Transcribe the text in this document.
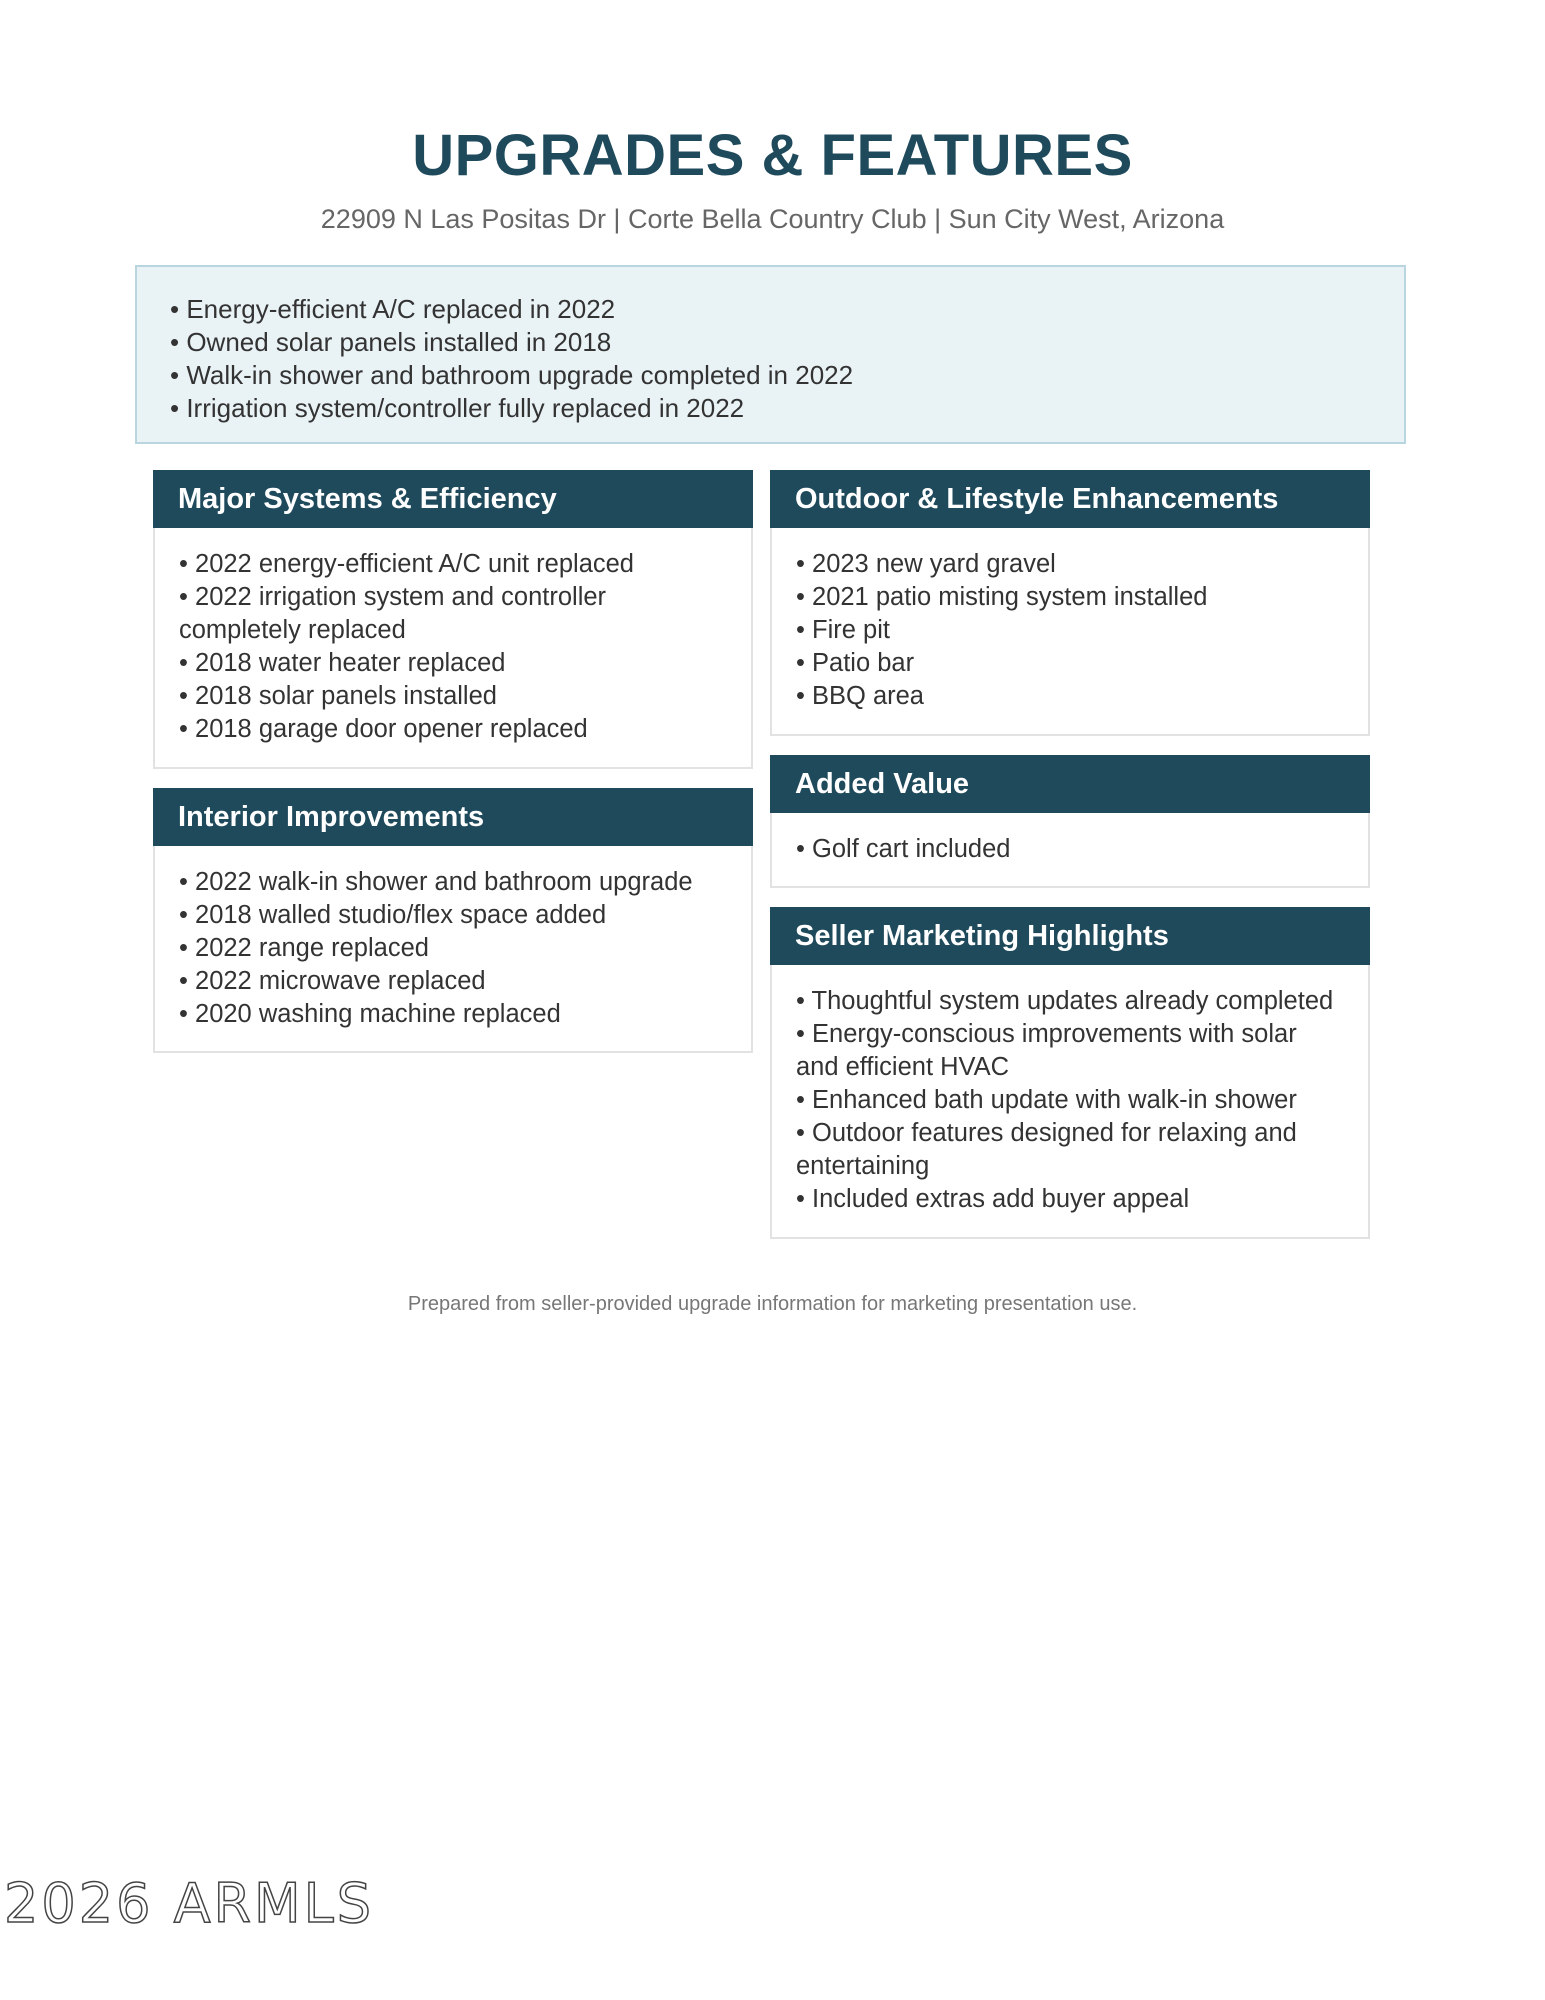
UPGRADES & FEATURES
22909 N Las Positas Dr | Corte Bella Country Club | Sun City West, Arizona
• Energy-efficient A/C replaced in 2022
• Owned solar panels installed in 2018
• Walk-in shower and bathroom upgrade completed in 2022
• Irrigation system/controller fully replaced in 2022
Major Systems & Efficiency
• 2022 energy-efficient A/C unit replaced
• 2022 irrigation system and controller
completely replaced
• 2018 water heater replaced
• 2018 solar panels installed
• 2018 garage door opener replaced
Interior Improvements
• 2022 walk-in shower and bathroom upgrade
• 2018 walled studio/flex space added
• 2022 range replaced
• 2022 microwave replaced
• 2020 washing machine replaced
Outdoor & Lifestyle Enhancements
• 2023 new yard gravel
• 2021 patio misting system installed
• Fire pit
• Patio bar
• BBQ area
Added Value
• Golf cart included
Seller Marketing Highlights
• Thoughtful system updates already completed
• Energy-conscious improvements with solar
and efficient HVAC
• Enhanced bath update with walk-in shower
• Outdoor features designed for relaxing and
entertaining
• Included extras add buyer appeal
Prepared from seller-provided upgrade information for marketing presentation use.
2026 ARMLS
